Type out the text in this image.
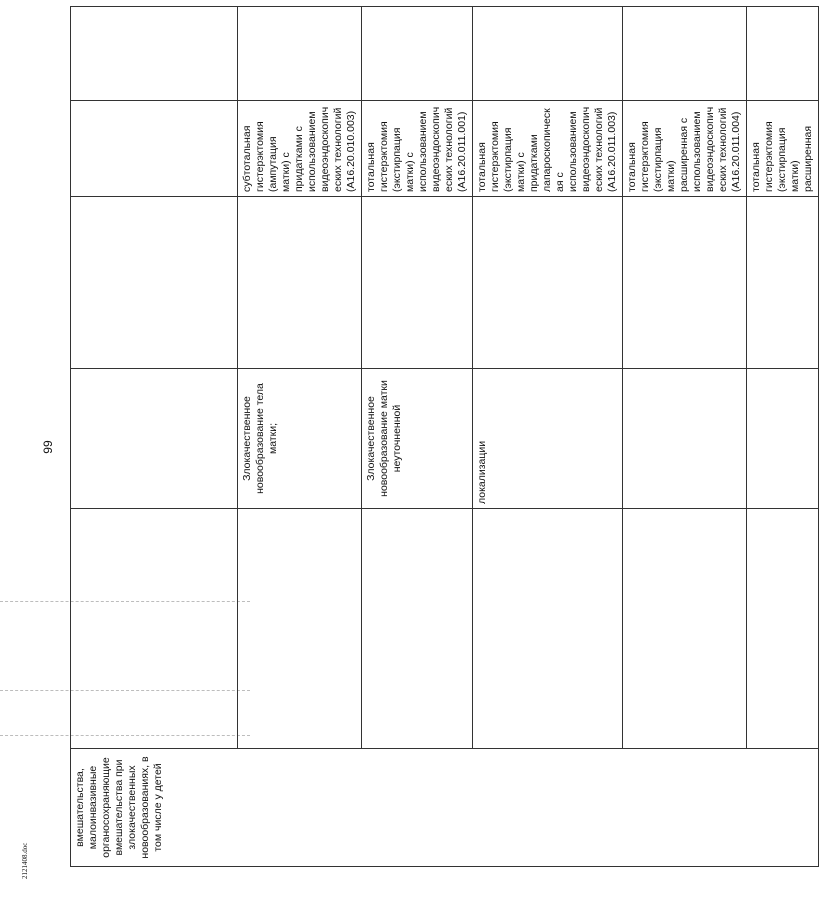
99
вмешательства, малоинвазивные органосохраняющие вмешательства при злокачественных новообразованиях, в том числе у детей					
		Злокачественное новообразование тела матки;		субтотальная гистерэктомия (ампутация матки) с придатками с использованием видеоэндоскопических технологий (A16.20.010.003)	
		Злокачественное новообразование матки неуточненной		тотальная гистерэктомия (экстирпация матки) с использованием видеоэндоскопических технологий (A16.20.011.001)	
		локализации		тотальная гистерэктомия (экстирпация матки) с придатками лапароскопическая с использованием видеоэндоскопических технологий (A16.20.011.003)	
				тотальная гистерэктомия (экстирпация матки) расширенная с использованием видеоэндоскопических технологий (A16.20.011.004)	
				тотальная гистерэктомия (экстирпация матки) расширенная	
2121408.doc
